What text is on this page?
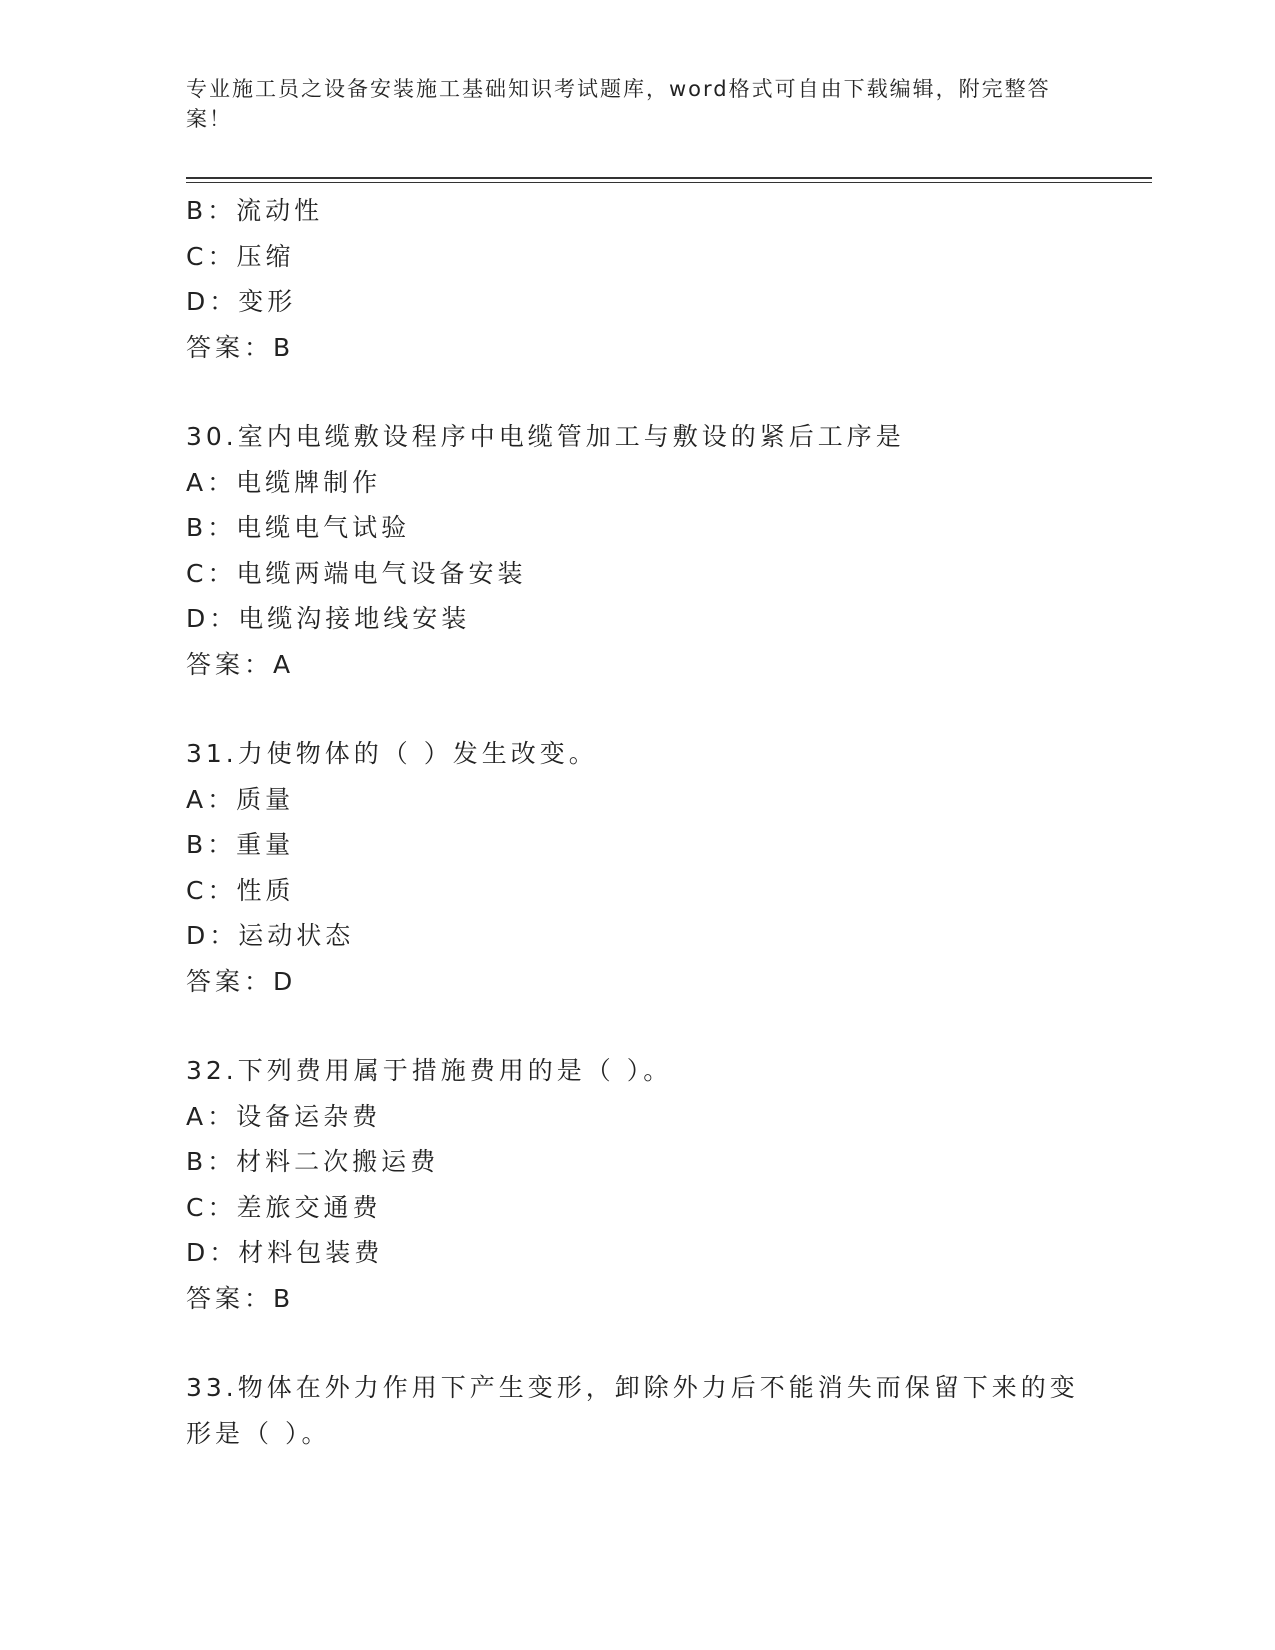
专业施工员之设备安装施工基础知识考试题库，word格式可自由下载编辑，附完整答案！
B：流动性
C：压缩
D：变形
答案：B
30.室内电缆敷设程序中电缆管加工与敷设的紧后工序是
A：电缆牌制作
B：电缆电气试验
C：电缆两端电气设备安装
D：电缆沟接地线安装
答案：A
31.力使物体的（ ）发生改变。
A：质量
B：重量
C：性质
D：运动状态
答案：D
32.下列费用属于措施费用的是（ ）。
A：设备运杂费
B：材料二次搬运费
C：差旅交通费
D：材料包装费
答案：B
33.物体在外力作用下产生变形，卸除外力后不能消失而保留下来的变形是（ ）。
